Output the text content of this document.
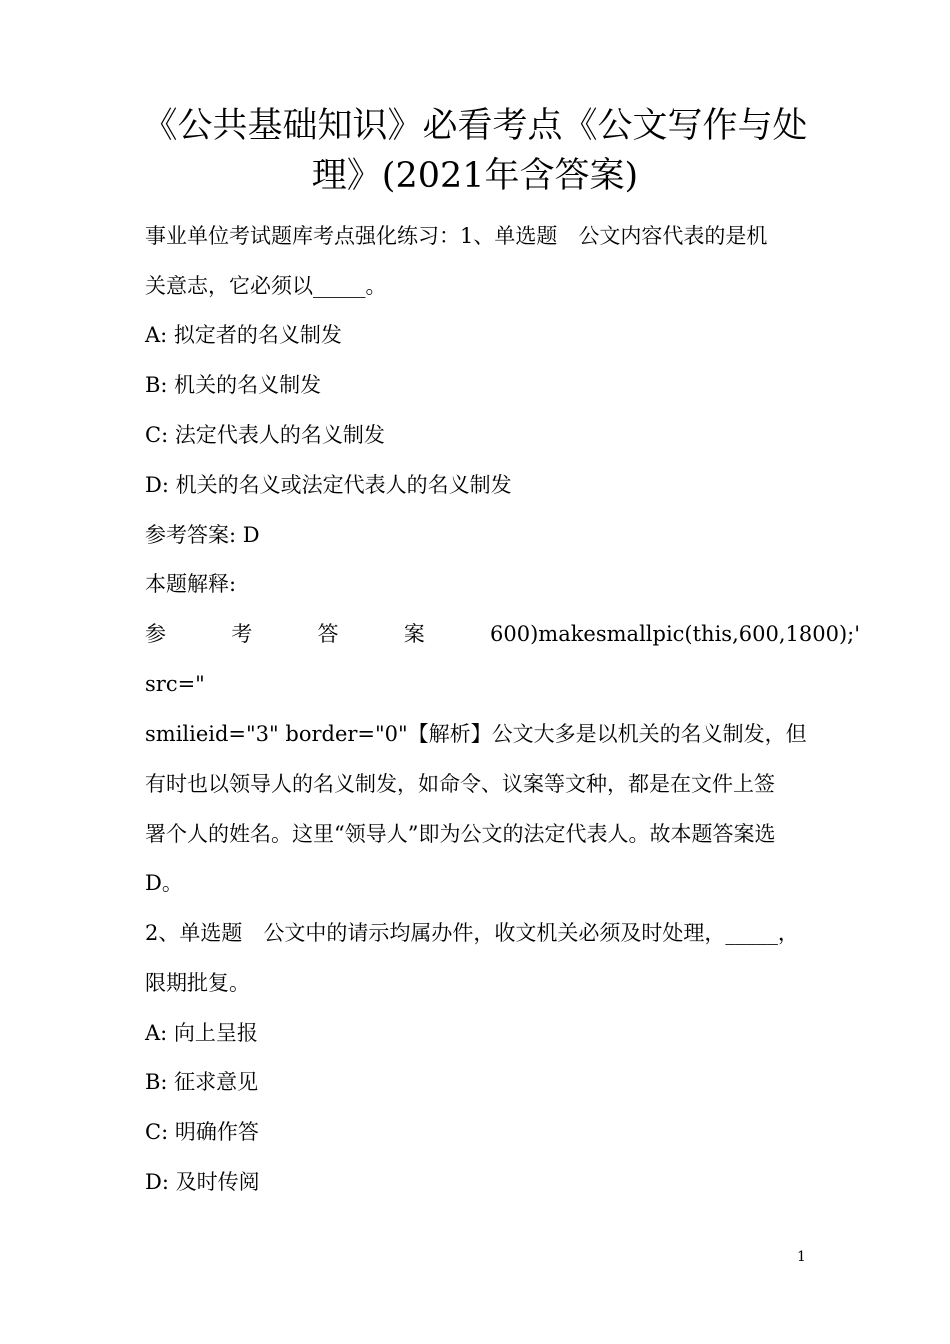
《公共基础知识》必看考点《公文写作与处
理》(2021年含答案)
事业单位考试题库考点强化练习：1、单选题　公文内容代表的是机
关意志，它必须以_____。
A: 拟定者的名义制发
B: 机关的名义制发
C: 法定代表人的名义制发
D: 机关的名义或法定代表人的名义制发
参考答案: D
本题解释:
参	考	答	案	600)makesmallpic(this,600,1800);'
src="
smilieid="3" border="0"【解析】公文大多是以机关的名义制发，但
有时也以领导人的名义制发，如命令、议案等文种，都是在文件上签
署个人的姓名。这里“领导人”即为公文的法定代表人。故本题答案选
D。
2、单选题　公文中的请示均属办件，收文机关必须及时处理，_____，
限期批复。
A: 向上呈报
B: 征求意见
C: 明确作答
D: 及时传阅
1
